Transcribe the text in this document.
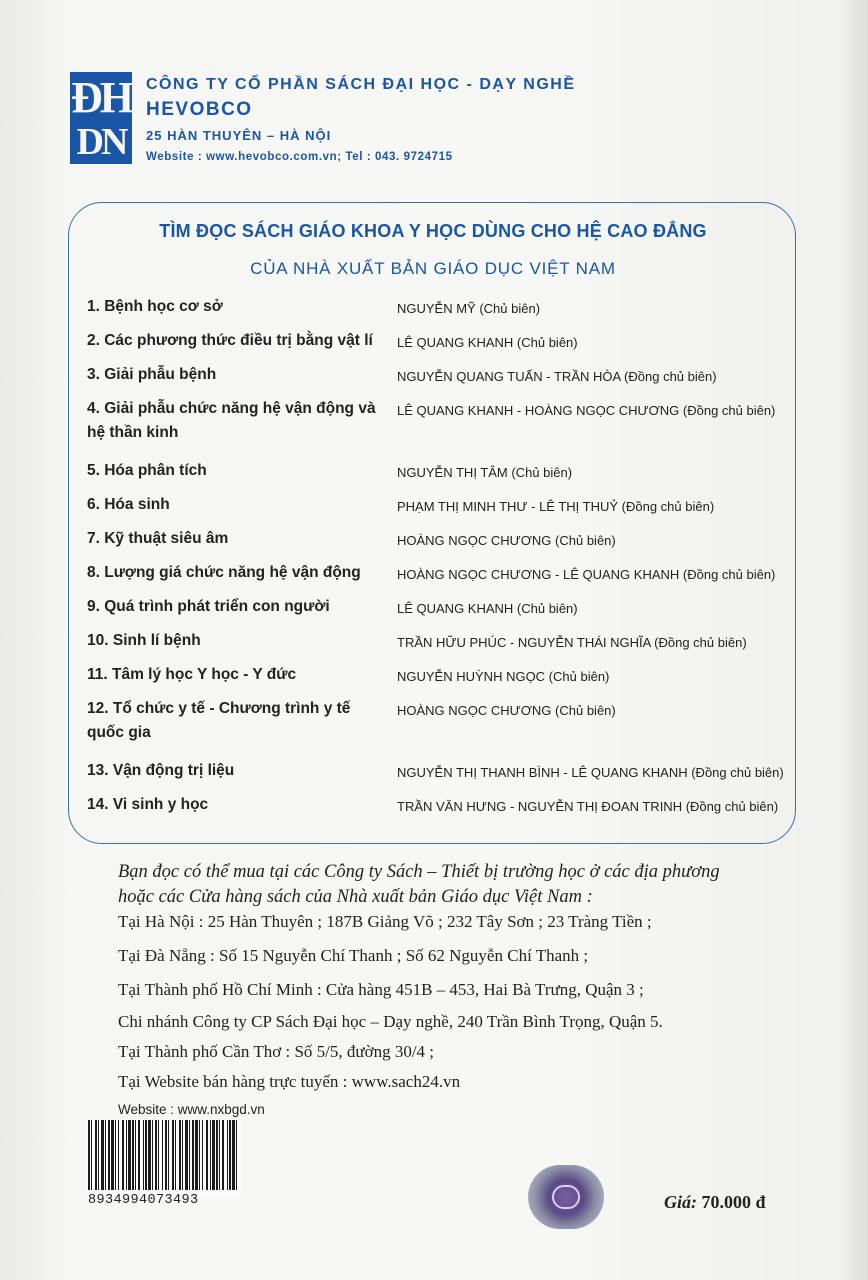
ĐH
DN
CÔNG TY CỔ PHẦN SÁCH ĐẠI HỌC - DẠY NGHỀ
HEVOBCO
25 HÀN THUYÊN – HÀ NỘI
Website : www.hevobco.com.vn; Tel : 043. 9724715
TÌM ĐỌC SÁCH GIÁO KHOA Y HỌC DÙNG CHO HỆ CAO ĐẲNG
CỦA NHÀ XUẤT BẢN GIÁO DỤC VIỆT NAM
1. Bệnh học cơ sở	NGUYỄN MỸ (Chủ biên)
2. Các phương thức điều trị bằng vật lí	LÊ QUANG KHANH (Chủ biên)
3. Giải phẫu bệnh	NGUYỄN QUANG TUẤN - TRẦN HÒA (Đồng chủ biên)
4. Giải phẫu chức năng hệ vận động và hệ thần kinh
LÊ QUANG KHANH - HOÀNG NGỌC CHƯƠNG (Đồng chủ biên)
5. Hóa phân tích	NGUYỄN THỊ TÂM (Chủ biên)
6. Hóa sinh	PHẠM THỊ MINH THƯ - LÊ THỊ THUỶ (Đồng chủ biên)
7. Kỹ thuật siêu âm	HOÀNG NGỌC CHƯƠNG (Chủ biên)
8. Lượng giá chức năng hệ vận động	HOÀNG NGỌC CHƯƠNG - LÊ QUANG KHANH (Đồng chủ biên)
9. Quá trình phát triển con người	LÊ QUANG KHANH (Chủ biên)
10. Sinh lí bệnh	TRẦN HỮU PHÚC - NGUYỄN THÁI NGHĨA (Đồng chủ biên)
11. Tâm lý học Y học - Y đức	NGUYỄN HUỲNH NGỌC (Chủ biên)
12. Tổ chức y tế - Chương trình y tế quốc gia
HOÀNG NGỌC CHƯƠNG (Chủ biên)
13. Vận động trị liệu	NGUYỄN THỊ THANH BÌNH - LÊ QUANG KHANH (Đồng chủ biên)
14. Vi sinh y học	TRẦN VĂN HƯNG - NGUYỄN THỊ ĐOAN TRINH (Đồng chủ biên)
Bạn đọc có thể mua tại các Công ty Sách – Thiết bị trường học ở các địa phương hoặc các Cửa hàng sách của Nhà xuất bản Giáo dục Việt Nam :
Tại Hà Nội : 25 Hàn Thuyên ; 187B Giảng Võ ; 232 Tây Sơn ; 23 Tràng Tiền ;
Tại Đà Nẵng : Số 15 Nguyễn Chí Thanh ; Số 62 Nguyễn Chí Thanh ;
Tại Thành phố Hồ Chí Minh : Cửa hàng 451B – 453, Hai Bà Trưng, Quận 3 ;
Chi nhánh Công ty CP Sách Đại học – Dạy nghề, 240 Trần Bình Trọng, Quận 5.
Tại Thành phố Cần Thơ : Số 5/5, đường 30/4 ;
Tại Website bán hàng trực tuyến : www.sach24.vn
Website : www.nxbgd.vn
8934994073493	Giá: 70.000 đ
